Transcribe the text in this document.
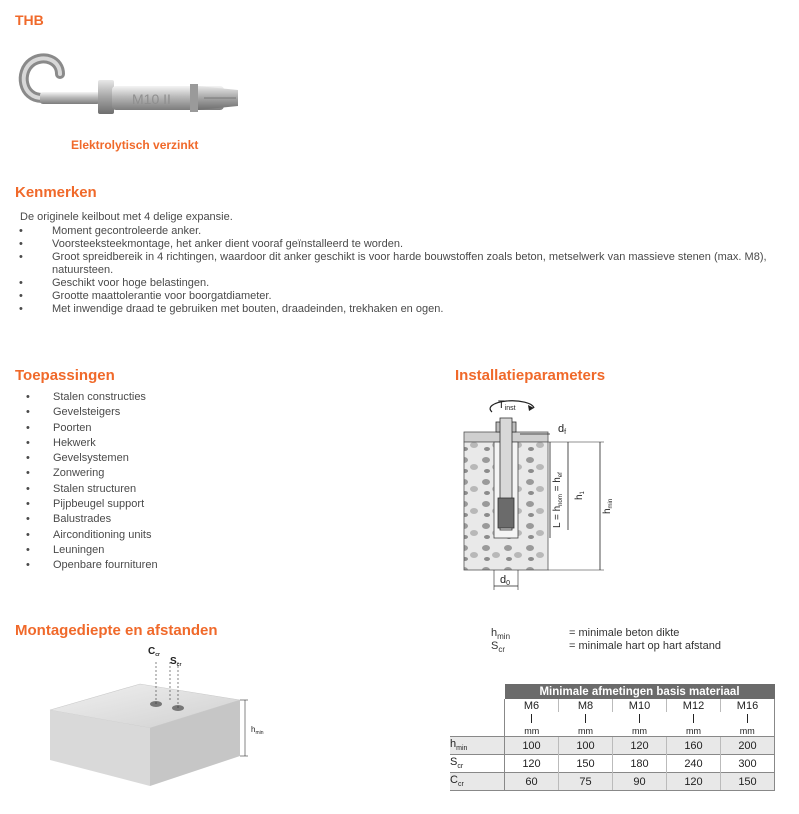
THB
M10 II
Elektrolytisch verzinkt
Kenmerken
De originele keilbout met 4 delige expansie.
• Moment gecontroleerde anker.
• Voorsteeksteekmontage, het anker dient vooraf geïnstalleerd te worden.
• Groot spreidbereik in 4 richtingen, waardoor dit anker geschikt is voor harde bouwstoffen zoals beton, metselwerk van massieve stenen (max. M8), natuursteen.
• Geschikt voor hoge belastingen.
• Grootte maattolerantie voor boorgatdiameter.
• Met inwendige draad te gebruiken met bouten, draadeinden, trekhaken en ogen.
Toepassingen
• Stalen constructies
• Gevelsteigers
• Poorten
• Hekwerk
• Gevelsystemen
• Zonwering
• Stalen structuren
• Pijpbeugel support
• Balustrades
• Airconditioning units
• Leuningen
• Openbare fournituren
Installatieparameters
Tinst
df
$L = h_{nom} = h_{ef}$
$h_1$
$h_{min}$
d0
Montagediepte en afstanden
$C_{cr}$
$S_{cr}$
$h_{min}$
$h_{min}$	= minimale beton dikte
$S_{cr}$	= minimale hart op hart afstand
	Minimale afmetingen basis materiaal				
	M6	M8	M10	M12	M16

mm	mm	mm	mm	mm
$h_{min}$	100	100	120	160	200
$S_{cr}$	120	150	180	240	300
$C_{cr}$	60	75	90	120	150
